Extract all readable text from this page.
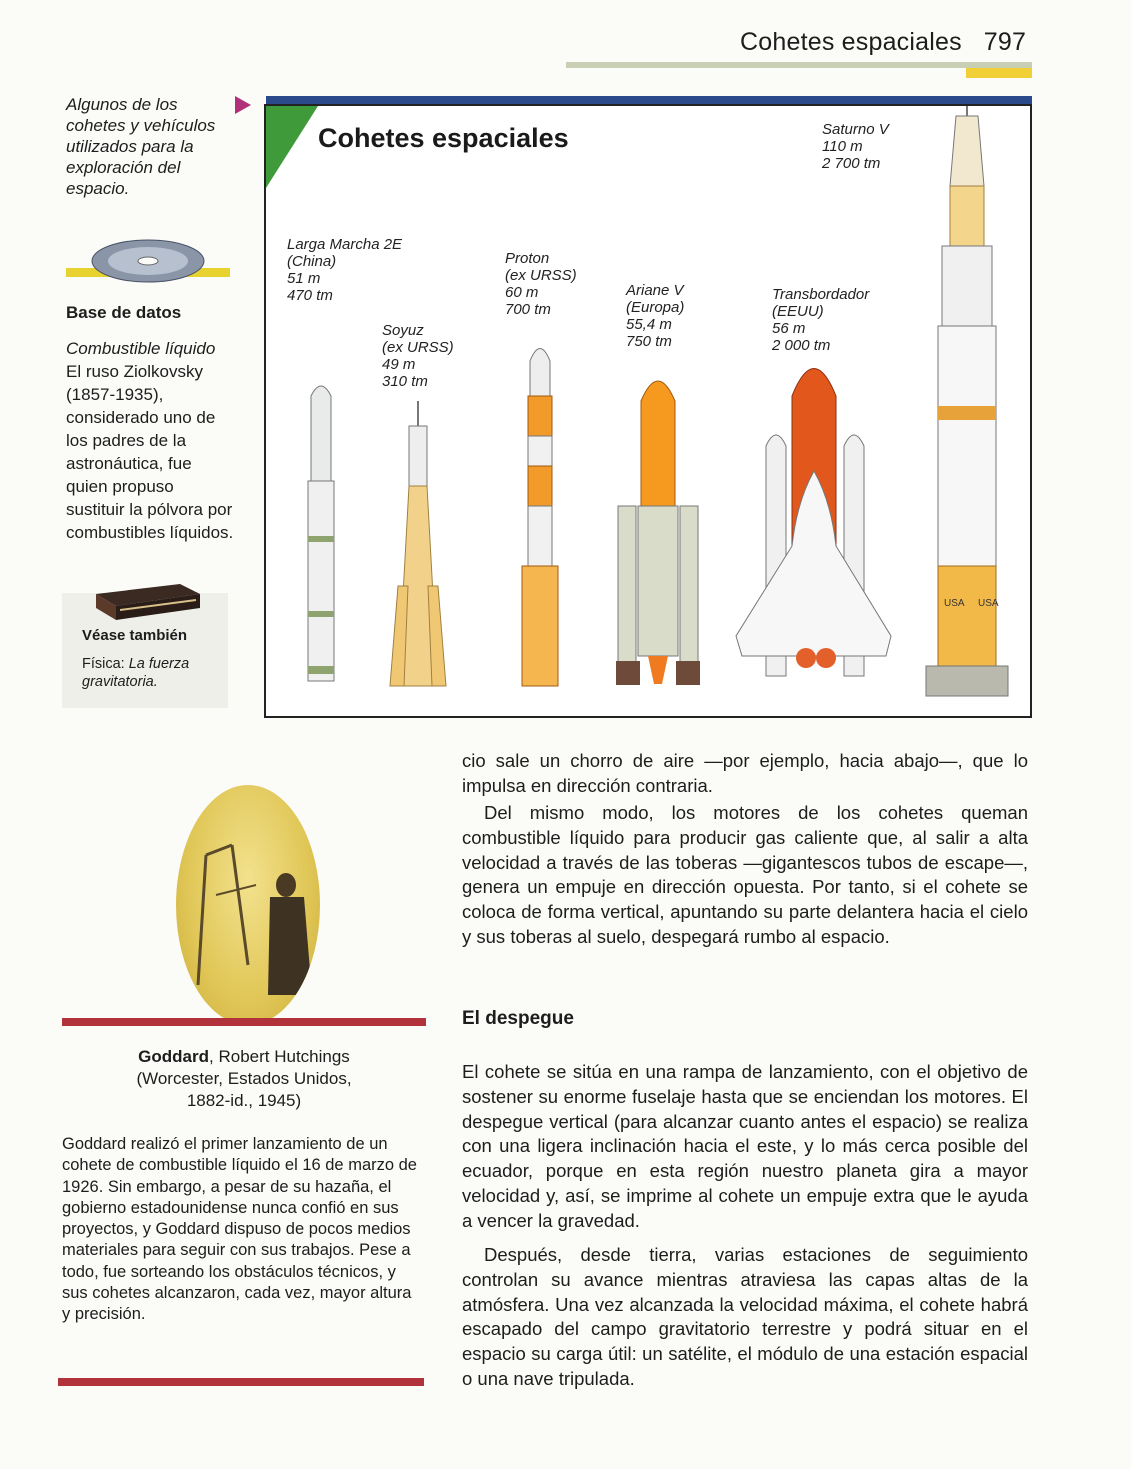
Cohetes espaciales 797
Algunos de los cohetes y vehículos utilizados para la exploración del espacio.
USA USA
Cohetes espaciales
Larga Marcha 2E
(China)
51 m
470 tm
Soyuz
(ex URSS)
49 m
310 tm
Proton
(ex URSS)
60 m
700 tm
Ariane V
(Europa)
55,4 m
750 tm
Transbordador
(EEUU)
56 m
2 000 tm
Saturno V
110 m
2 700 tm
Base de datos
Combustible líquido
El ruso Ziolkovsky (1857-1935), considerado uno de los padres de la astronáutica, fue quien propuso sustituir la pólvora por combustibles líquidos.
Véase también
Física: La fuerza gravitatoria.
Goddard, Robert Hutchings
(Worcester, Estados Unidos,
1882-id., 1945)
Goddard realizó el primer lanzamiento de un cohete de combustible líquido el 16 de marzo de 1926. Sin embargo, a pesar de su hazaña, el gobierno estadounidense nunca confió en sus proyectos, y Goddard dispuso de pocos medios materiales para seguir con sus trabajos. Pese a todo, fue sorteando los obstáculos técnicos, y sus cohetes alcanzaron, cada vez, mayor altura y precisión.
cio sale un chorro de aire —por ejemplo, hacia abajo—, que lo impulsa en dirección contraria.
Del mismo modo, los motores de los cohetes queman combustible líquido para producir gas caliente que, al salir a alta velocidad a través de las toberas —gigantescos tubos de escape—, genera un empuje en dirección opuesta. Por tanto, si el cohete se coloca de forma vertical, apuntando su parte delantera hacia el cielo y sus toberas al suelo, despegará rumbo al espacio.
El despegue
El cohete se sitúa en una rampa de lanzamiento, con el objetivo de sostener su enorme fuselaje hasta que se enciendan los motores. El despegue vertical (para alcanzar cuanto antes el espacio) se realiza con una ligera inclinación hacia el este, y lo más cerca posible del ecuador, porque en esta región nuestro planeta gira a mayor velocidad y, así, se imprime al cohete un empuje extra que le ayuda a vencer la gravedad.
Después, desde tierra, varias estaciones de seguimiento controlan su avance mientras atraviesa las capas altas de la atmósfera. Una vez alcanzada la velocidad máxima, el cohete habrá escapado del campo gravitatorio terrestre y podrá situar en el espacio su carga útil: un satélite, el módulo de una estación espacial o una nave tripulada.
